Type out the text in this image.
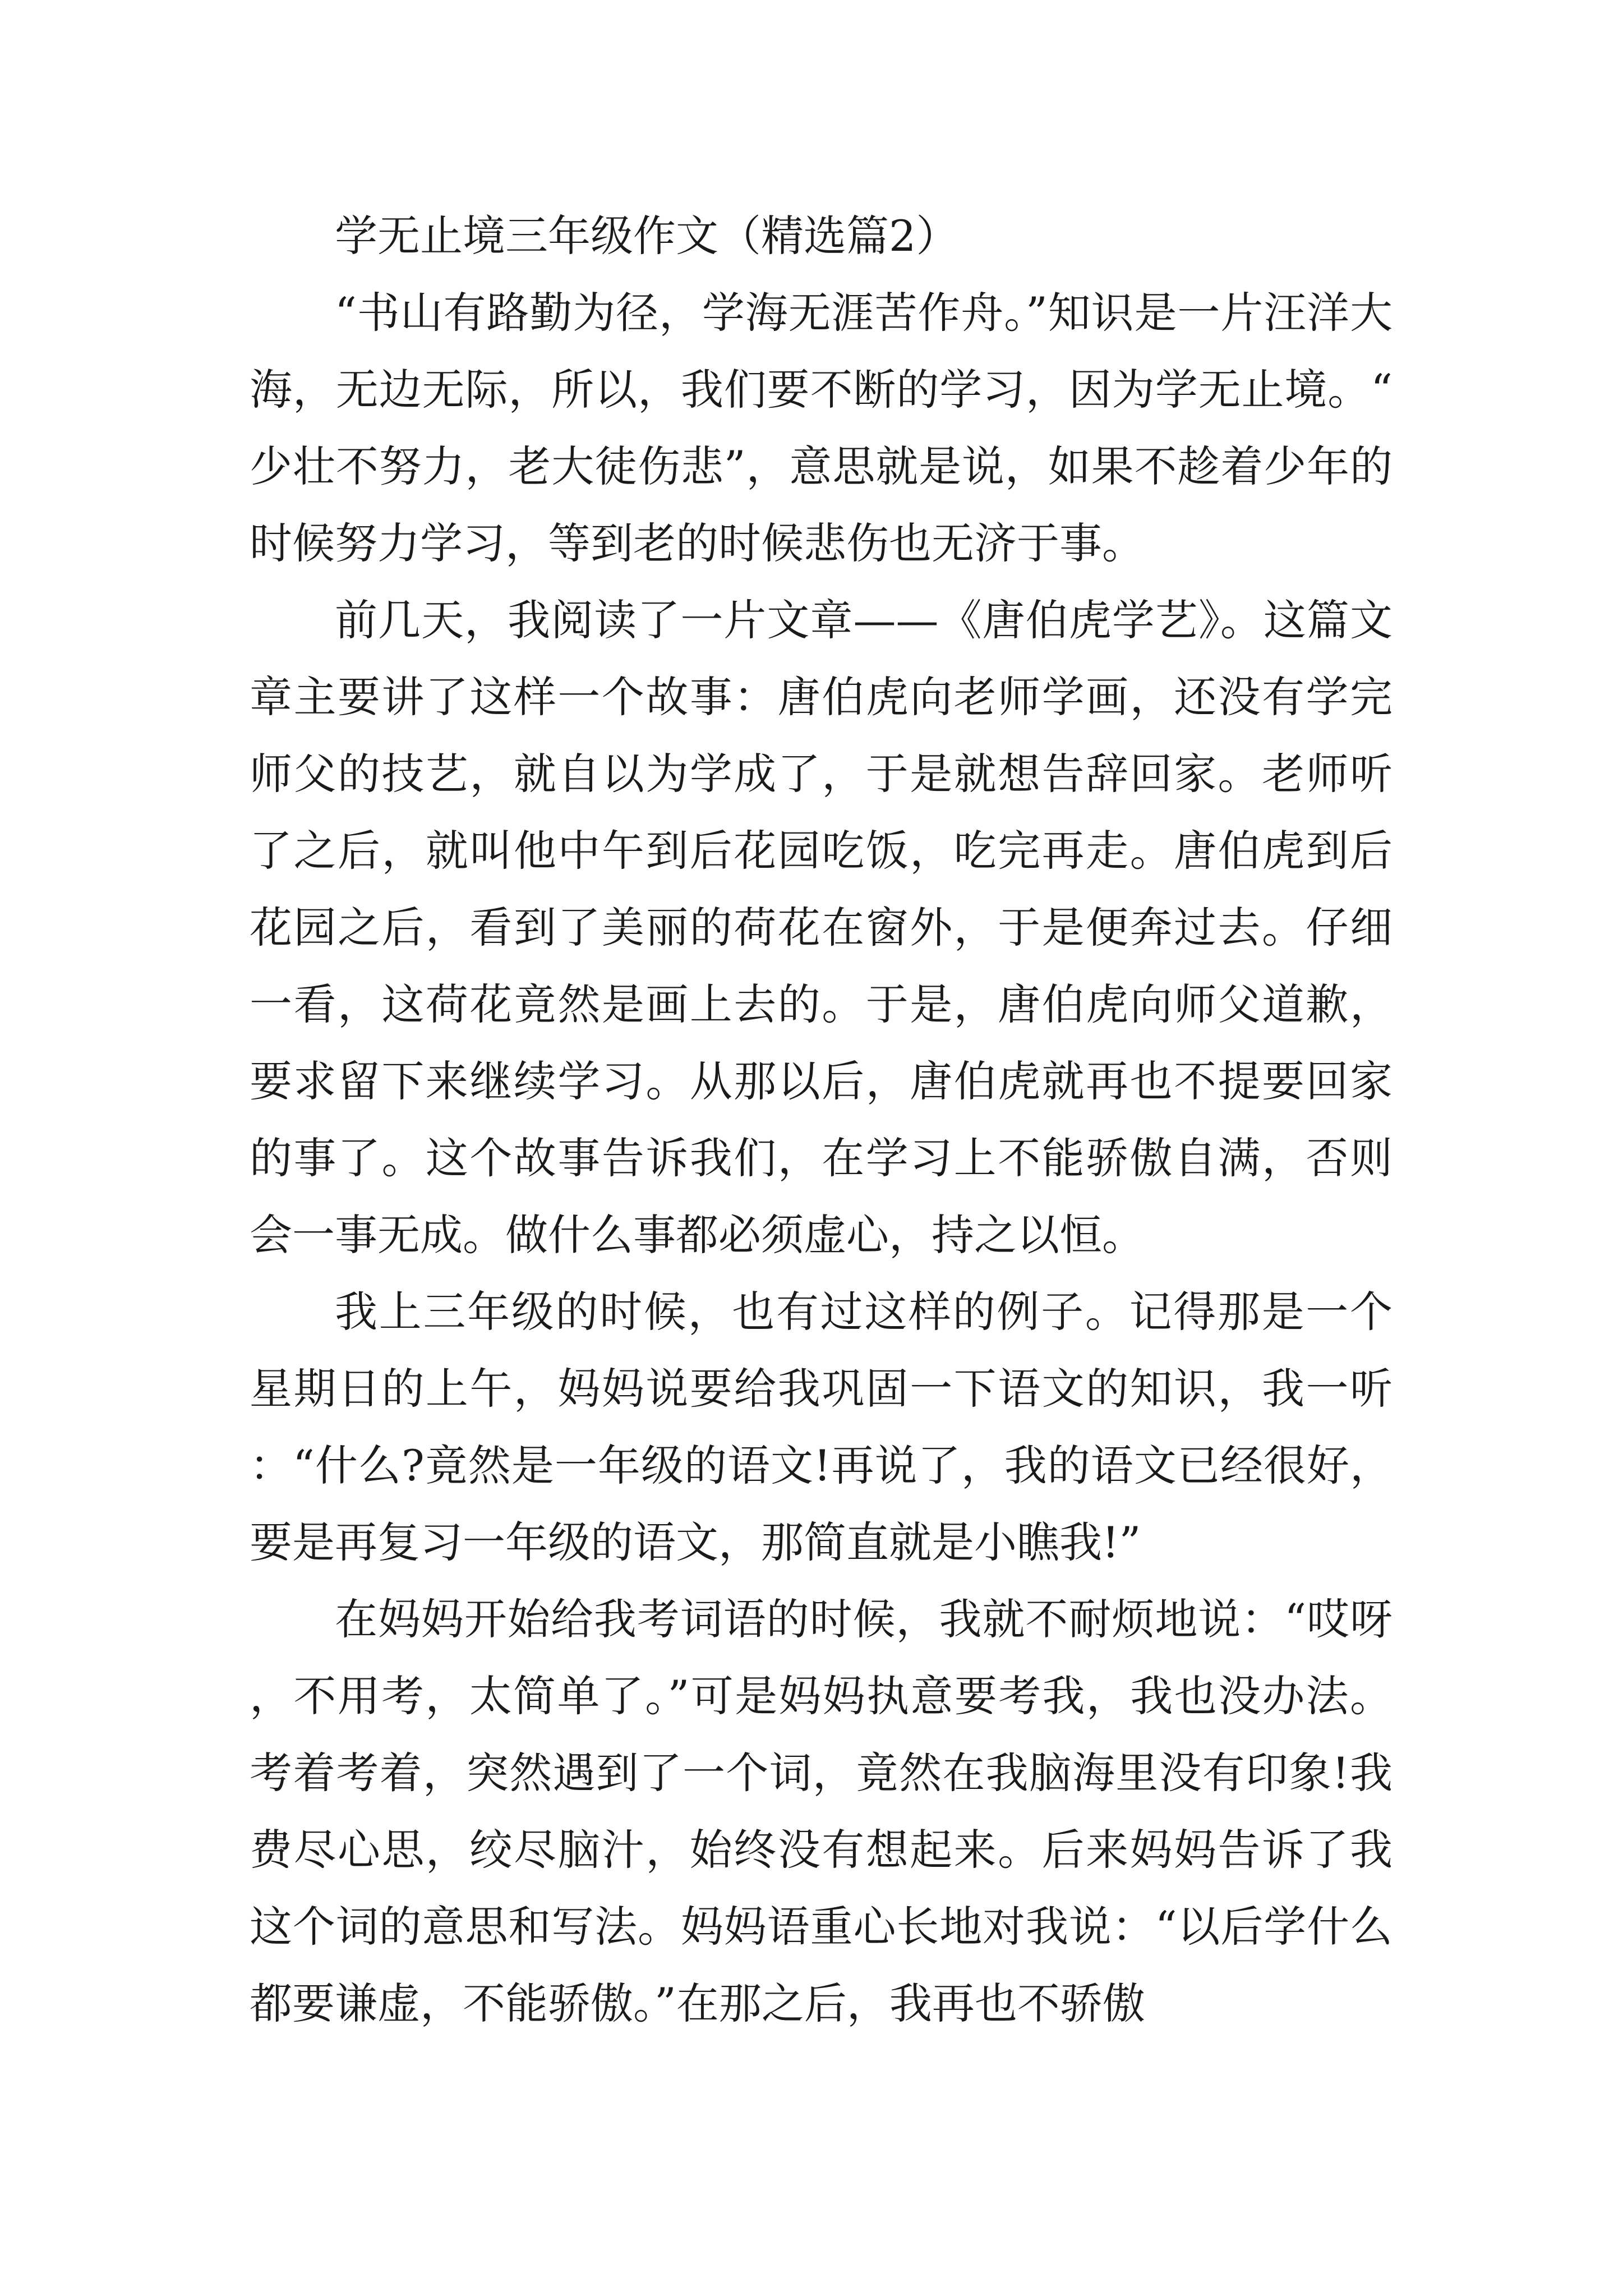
学无止境三年级作文（精选篇2）

“书山有路勤为径，学海无涯苦作舟。”知识是一片汪洋大海，无边无际，所以，我们要不断的学习，因为学无止境。“少壮不努力，老大徒伤悲”，意思就是说，如果不趁着少年的时候努力学习，等到老的时候悲伤也无济于事。

前几天，我阅读了一片文章——《唐伯虎学艺》。这篇文章主要讲了这样一个故事：唐伯虎向老师学画，还没有学完师父的技艺，就自以为学成了，于是就想告辞回家。老师听了之后，就叫他中午到后花园吃饭，吃完再走。唐伯虎到后花园之后，看到了美丽的荷花在窗外，于是便奔过去。仔细一看，这荷花竟然是画上去的。于是，唐伯虎向师父道歉，要求留下来继续学习。从那以后，唐伯虎就再也不提要回家的事了。这个故事告诉我们，在学习上不能骄傲自满，否则会一事无成。做什么事都必须虚心，持之以恒。

我上三年级的时候，也有过这样的例子。记得那是一个星期日的上午，妈妈说要给我巩固一下语文的知识，我一听：“什么?竟然是一年级的语文!再说了，我的语文已经很好，要是再复习一年级的语文，那简直就是小瞧我!”

在妈妈开始给我考词语的时候，我就不耐烦地说：“哎呀，不用考，太简单了。”可是妈妈执意要考我，我也没办法。考着考着，突然遇到了一个词，竟然在我脑海里没有印象!我费尽心思，绞尽脑汁，始终没有想起来。后来妈妈告诉了我这个词的意思和写法。妈妈语重心长地对我说：“以后学什么都要谦虚，不能骄傲。”在那之后，我再也不骄傲
